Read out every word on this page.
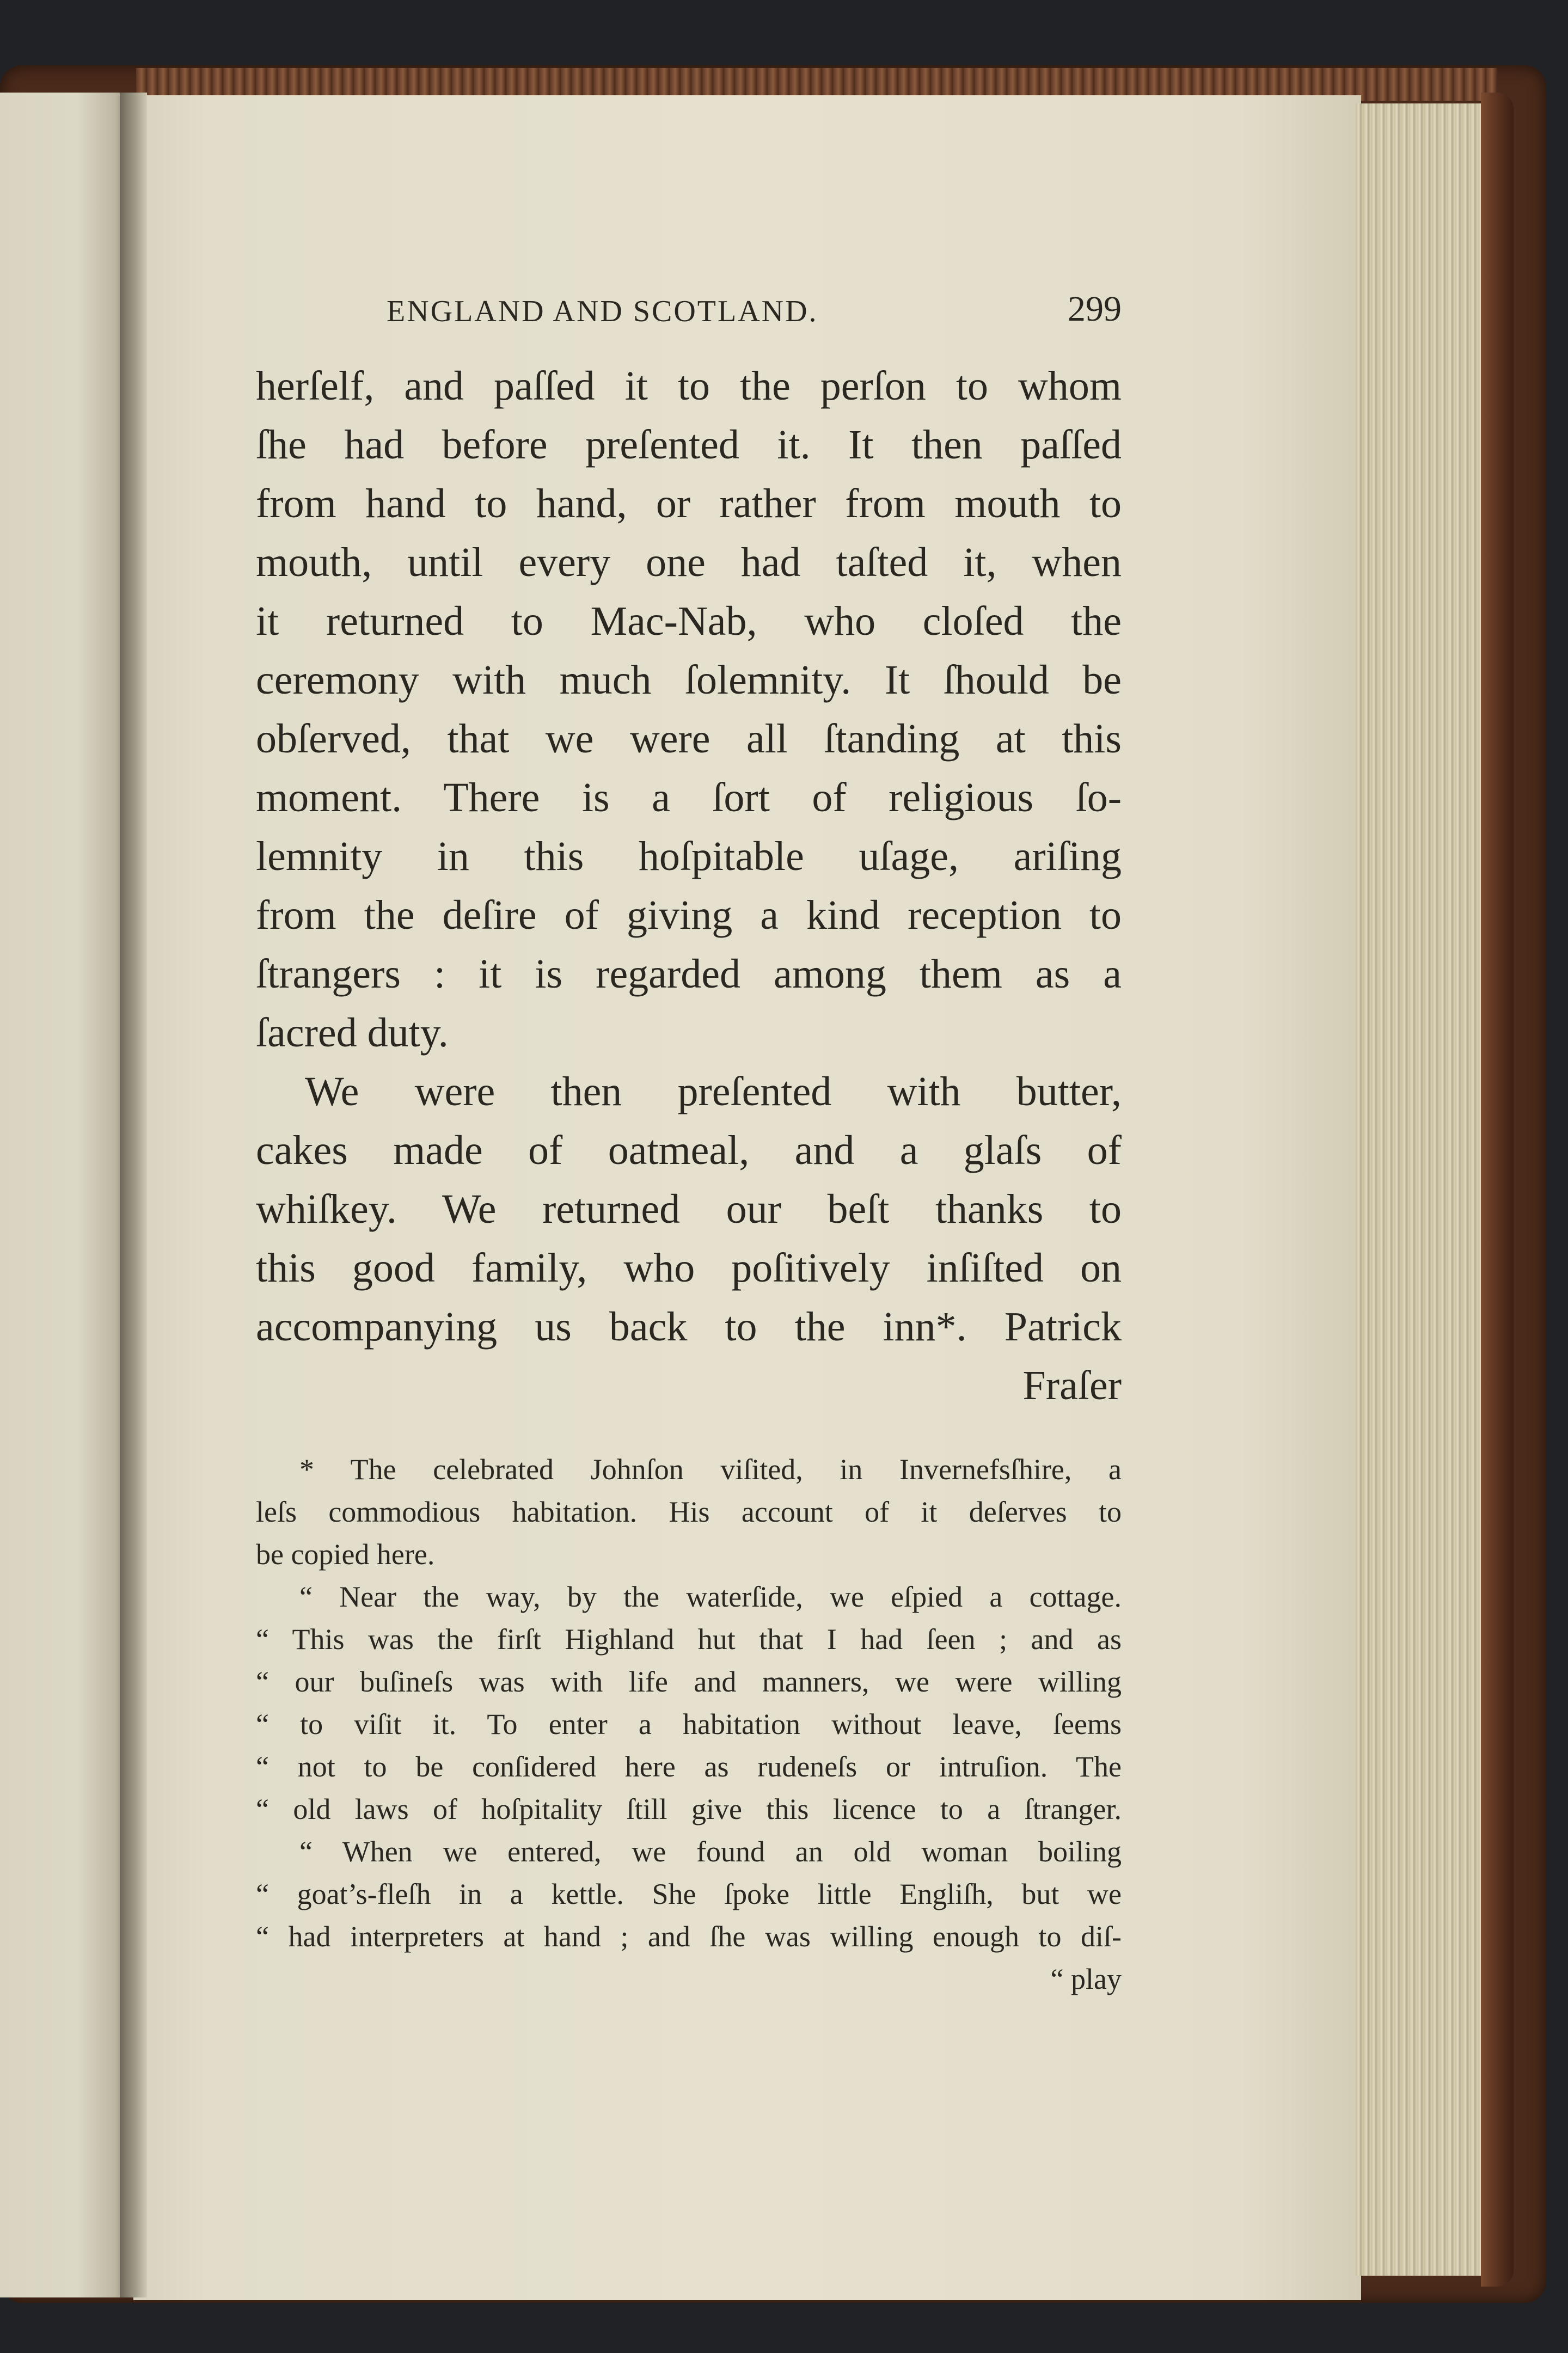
ENGLAND AND SCOTLAND.	299
herſelf, and paſſed it to the perſon to whom
ſhe had before preſented it. It then paſſed
from hand to hand, or rather from mouth to
mouth, until every one had taſted it, when
it returned to Mac-Nab, who cloſed the
ceremony with much ſolemnity. It ſhould be
obſerved, that we were all ſtanding at this
moment. There is a ſort of religious ſo-
lemnity in this hoſpitable uſage, ariſing
from the deſire of giving a kind reception to
ſtrangers : it is regarded among them as a
ſacred duty.
We were then preſented with butter,
cakes made of oatmeal, and a glaſs of
whiſkey. We returned our beſt thanks to
this good family, who poſitively inſiſted on
accompanying us back to the inn*. Patrick
Fraſer
* The celebrated Johnſon viſited, in Invernefsſhire, a
leſs commodious habitation. His account of it deſerves to
be copied here.
“ Near the way, by the waterſide, we eſpied a cottage.
“ This was the firſt Highland hut that I had ſeen ; and as
“ our buſineſs was with life and manners, we were willing
“ to viſit it. To enter a habitation without leave, ſeems
“ not to be conſidered here as rudeneſs or intruſion. The
“ old laws of hoſpitality ſtill give this licence to a ſtranger.
“ When we entered, we found an old woman boiling
“ goat’s-fleſh in a kettle. She ſpoke little Engliſh, but we
“ had interpreters at hand ; and ſhe was willing enough to diſ-
“ play
